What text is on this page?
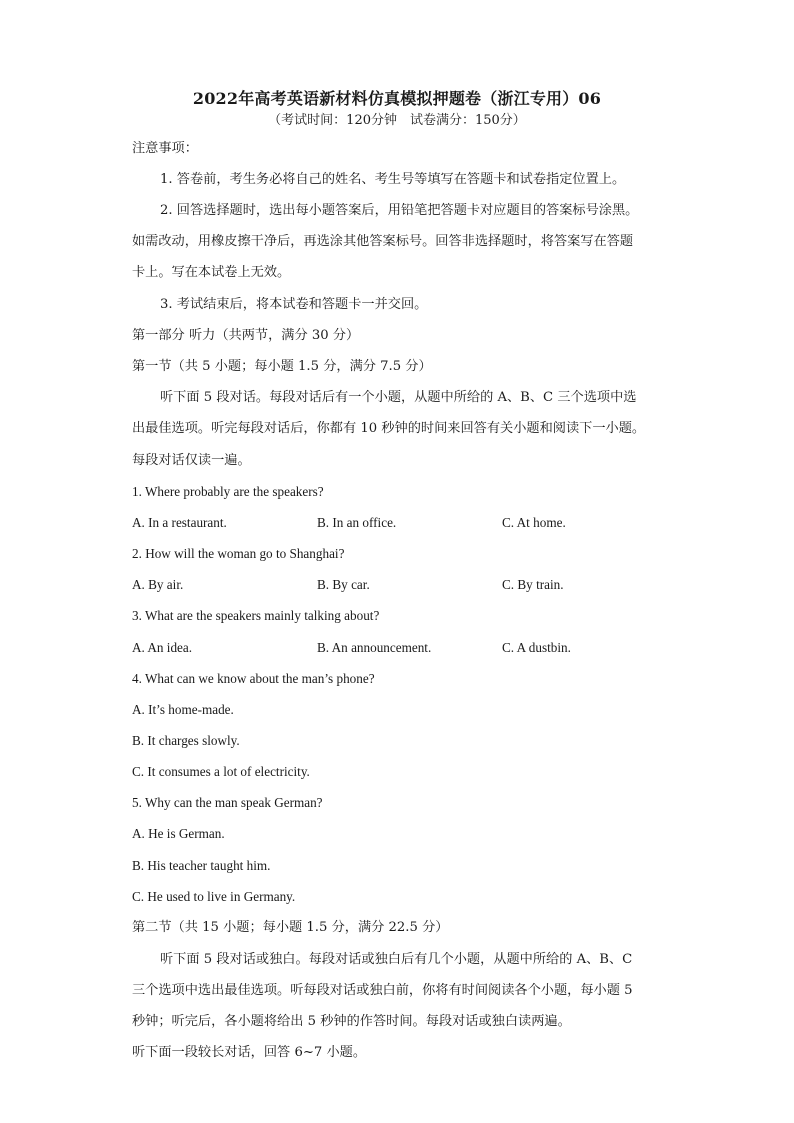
2022年高考英语新材料仿真模拟押题卷（浙江专用）06
（考试时间：120分钟　试卷满分：150分）
注意事项：
1. 答卷前，考生务必将自己的姓名、考生号等填写在答题卡和试卷指定位置上。
2. 回答选择题时，选出每小题答案后，用铅笔把答题卡对应题目的答案标号涂黑。
如需改动，用橡皮擦干净后，再选涂其他答案标号。回答非选择题时，将答案写在答题
卡上。写在本试卷上无效。
3. 考试结束后，将本试卷和答题卡一并交回。
第一部分 听力（共两节，满分 30 分）
第一节（共 5 小题；每小题 1.5 分，满分 7.5 分）
听下面 5 段对话。每段对话后有一个小题，从题中所给的 A、B、C 三个选项中选
出最佳选项。听完每段对话后，你都有 10 秒钟的时间来回答有关小题和阅读下一小题。
每段对话仅读一遍。
1. Where probably are the speakers?
A. In a restaurant.	B. In an office.	C. At home.
2. How will the woman go to Shanghai?
A. By air.	B. By car.	C. By train.
3. What are the speakers mainly talking about?
A. An idea.	B. An announcement.	C. A dustbin.
4. What can we know about the man’s phone?
A. It’s home-made.
B. It charges slowly.
C. It consumes a lot of electricity.
5. Why can the man speak German?
A. He is German.
B. His teacher taught him.
C. He used to live in Germany.
第二节（共 15 小题；每小题 1.5 分，满分 22.5 分）
听下面 5 段对话或独白。每段对话或独白后有几个小题，从题中所给的 A、B、C
三个选项中选出最佳选项。听每段对话或独白前，你将有时间阅读各个小题，每小题 5
秒钟；听完后，各小题将给出 5 秒钟的作答时间。每段对话或独白读两遍。
听下面一段较长对话，回答 6~7 小题。
